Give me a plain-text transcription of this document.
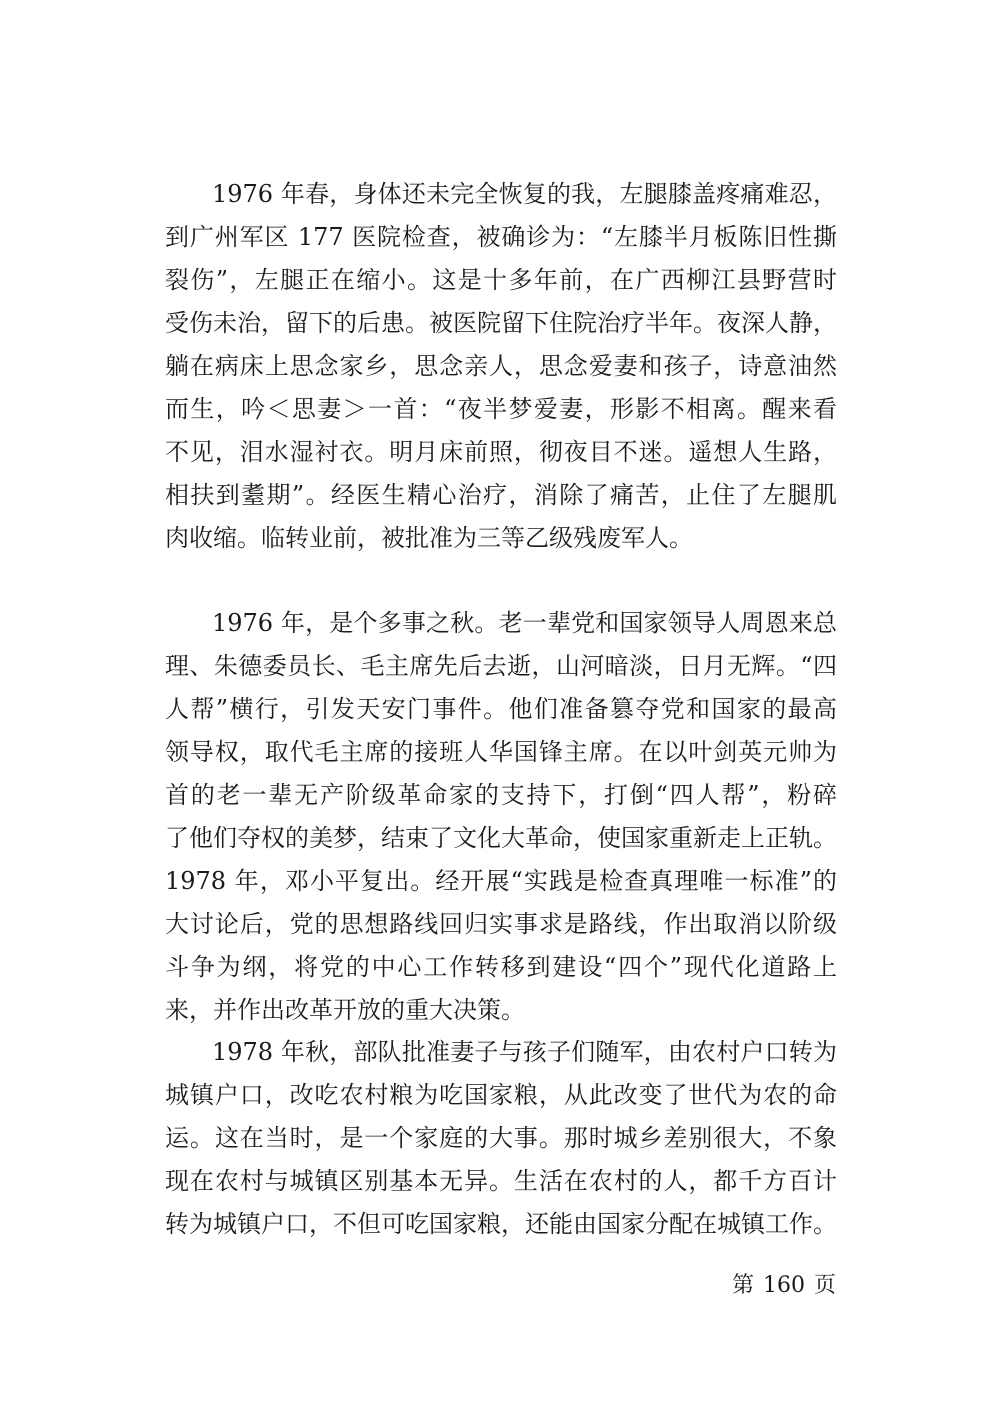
1976 年春，身体还未完全恢复的我，左腿膝盖疼痛难忍，
到广州军区 177 医院检查，被确诊为：“左膝半月板陈旧性撕
裂伤”，左腿正在缩小。这是十多年前，在广西柳江县野营时
受伤未治，留下的后患。被医院留下住院治疗半年。夜深人静，
躺在病床上思念家乡，思念亲人，思念爱妻和孩子，诗意油然
而生，吟＜思妻＞一首：“夜半梦爱妻，形影不相离。醒来看
不见，泪水湿衬衣。明月床前照，彻夜目不迷。遥想人生路，
相扶到耋期”。经医生精心治疗，消除了痛苦，止住了左腿肌
肉收缩。临转业前，被批准为三等乙级残废军人。
1976 年，是个多事之秋。老一辈党和国家领导人周恩来总
理、朱德委员长、毛主席先后去逝，山河暗淡，日月无辉。“四
人帮”横行，引发天安门事件。他们准备篡夺党和国家的最高
领导权，取代毛主席的接班人华国锋主席。在以叶剑英元帅为
首的老一辈无产阶级革命家的支持下，打倒“四人帮”，粉碎
了他们夺权的美梦，结束了文化大革命，使国家重新走上正轨。
1978 年，邓小平复出。经开展“实践是检查真理唯一标准”的
大讨论后，党的思想路线回归实事求是路线，作出取消以阶级
斗争为纲，将党的中心工作转移到建设“四个”现代化道路上
来，并作出改革开放的重大决策。
1978 年秋，部队批准妻子与孩子们随军，由农村户口转为
城镇户口，改吃农村粮为吃国家粮，从此改变了世代为农的命
运。这在当时，是一个家庭的大事。那时城乡差别很大，不象
现在农村与城镇区别基本无异。生活在农村的人，都千方百计
转为城镇户口，不但可吃国家粮，还能由国家分配在城镇工作。
第 160 页
